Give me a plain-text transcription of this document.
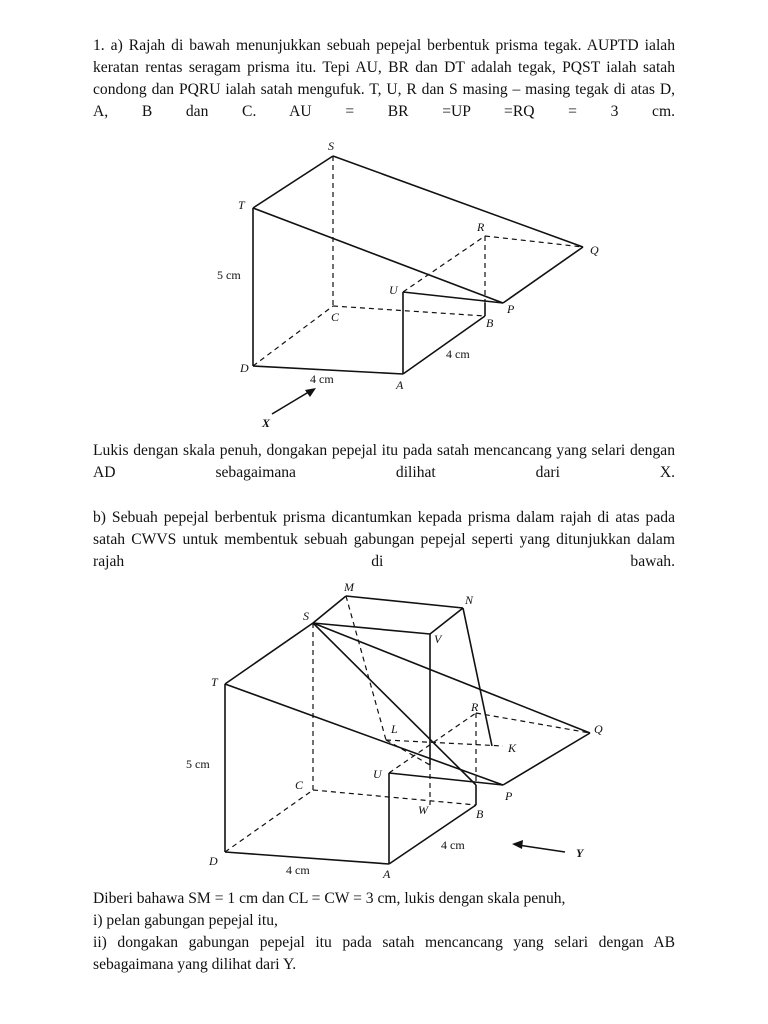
1. a) Rajah di bawah menunjukkan sebuah pepejal berbentuk prisma tegak. AUPTD ialah keratan rentas seragam prisma itu. Tepi AU, BR dan DT adalah tegak, PQST ialah satah condong dan PQRU ialah satah mengufuk. T, U, R dan S masing – masing tegak di atas D, A, B dan C. AU = BR =UP =RQ = 3 cm.

S
T
R
Q
U
C	B
P
D
A
X
5 cm
4 cm
4 cm

Lukis dengan skala penuh, dongakan pepejal itu pada satah mencancang yang selari dengan AD sebagaimana dilihat dari X.

b) Sebuah pepejal berbentuk prisma dicantumkan kepada prisma dalam rajah di atas pada satah CWVS untuk membentuk sebuah gabungan pepejal seperti yang ditunjukkan dalam rajah di bawah.

M
N
S
V
T
R
Q
L
K
U
C
W
P
B
D
A
Y
5 cm
4 cm
4 cm
Diberi bahawa SM = 1 cm dan CL = CW = 3 cm, lukis dengan skala penuh,
i) pelan gabungan pepejal itu,

ii) dongakan gabungan pepejal itu pada satah mencancang yang selari dengan AB sebagaimana yang dilihat dari Y.
